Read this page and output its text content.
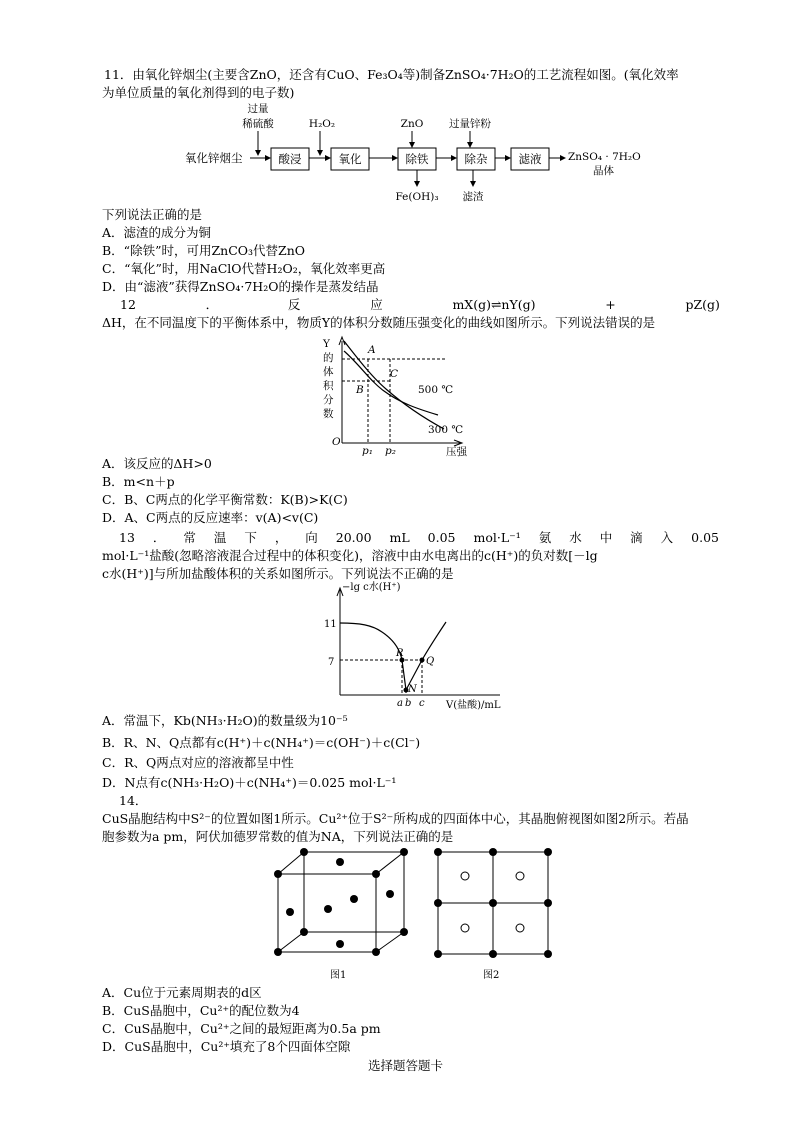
11．由氧化锌烟尘(主要含ZnO，还含有CuO、Fe₃O₄等)制备ZnSO₄·7H₂O的工艺流程如图。(氧化效率
为单位质量的氧化剂得到的电子数)
氧化锌烟尘	酸浸	氧化	除铁	除杂	滤液	ZnSO₄ · 7H₂O
晶体
过量
稀硫酸	H₂O₂	ZnO 过量锌粉
Fe(OH)₃ 滤渣
下列说法正确的是
A．滤渣的成分为铜
B．“除铁”时，可用ZnCO₃代替ZnO
C．“氧化”时，用NaClO代替H₂O₂，氧化效率更高
D．由“滤液”获得ZnSO₄·7H₂O的操作是蒸发结晶
12	．	反	应	mX(g)⇌nY(g)	+	pZ(g)
ΔH，在不同温度下的平衡体系中，物质Y的体积分数随压强变化的曲线如图所示。下列说法错误的是
Y
的
体
积
分
数
O
压强
A
B
C
500 ℃
300 ℃
p₁ p₂
A．该反应的ΔH>0
B．m<n＋p
C．B、C两点的化学平衡常数：K(B)>K(C)
D．A、C两点的反应速率：v(A)<v(C)
13 ． 常 温 下 ， 向 20.00 mL 0.05 mol·L⁻¹ 氨 水 中 滴 入 0.05
mol·L⁻¹盐酸(忽略溶液混合过程中的体积变化)，溶液中由水电离出的c(H⁺)的负对数[－lg
c水(H⁺)]与所加盐酸体积的关系如图所示。下列说法不正确的是
−lg c水(H⁺)
V(盐酸)/mL
11
7
R
Q
N
a b c
A．常温下，Kb(NH₃·H₂O)的数量级为10⁻⁵
B．R、N、Q点都有c(H⁺)＋c(NH₄⁺)＝c(OH⁻)＋c(Cl⁻)
C．R、Q两点对应的溶液都呈中性
D．N点有c(NH₃·H₂O)＋c(NH₄⁺)＝0.025 mol·L⁻¹
14．
CuS晶胞结构中S²⁻的位置如图1所示。Cu²⁺位于S²⁻所构成的四面体中心，其晶胞俯视图如图2所示。若晶
胞参数为a pm，阿伏加德罗常数的值为NA，下列说法正确的是
图1	图2
A．Cu位于元素周期表的d区
B．CuS晶胞中，Cu²⁺的配位数为4
C．CuS晶胞中，Cu²⁺之间的最短距离为0.5a pm
D．CuS晶胞中，Cu²⁺填充了8个四面体空隙
选择题答题卡
